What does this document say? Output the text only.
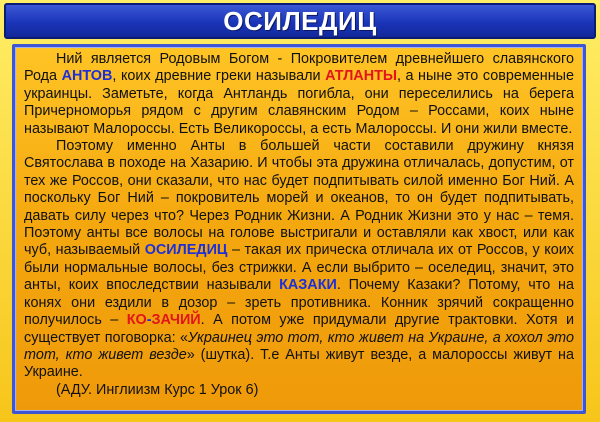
ОСИЛЕДИЦ

Ний является Родовым Богом - Покровителем древнейшего славянского Рода АНТОВ, коих древние греки называли АТЛАНТЫ, а ныне это современные украинцы. Заметьте, когда Антландь погибла, они переселились на берега Причерноморья рядом с другим славянским Родом – Россами, коих ныне называют Малороссы. Есть Великороссы, а есть Малороссы. И они жили вместе.

Поэтому именно Анты в большей части составили дружину князя Святослава в походе на Хазарию. И чтобы эта дружина отличалась, допустим, от тех же Россов, они сказали, что нас будет подпитывать силой именно Бог Ний. А поскольку Бог Ний – покровитель морей и океанов, то он будет подпитывать, давать силу через что? Через Родник Жизни. А Родник Жизни это у нас – темя. Поэтому анты все волосы на голове выстригали и оставляли как хвост, или как чуб, называемый ОСИЛЕДИЦ – такая их прическа отличала их от Россов, у коих были нормальные волосы, без стрижки. А если выбрито – оселедиц, значит, это анты, коих впоследствии называли КАЗАКИ. Почему Казаки? Потому, что на конях они ездили в дозор – зреть противника. Конник зрячий сокращенно получилось – КО-ЗАЧИЙ. А потом уже придумали другие трактовки. Хотя и существует поговорка: «Украинец это тот, кто живет на Украине, а хохол это тот, кто живет везде» (шутка). Т.е Анты живут везде, а малороссы живут на Украине.

(АДУ. Инглиизм Курс 1 Урок 6)
